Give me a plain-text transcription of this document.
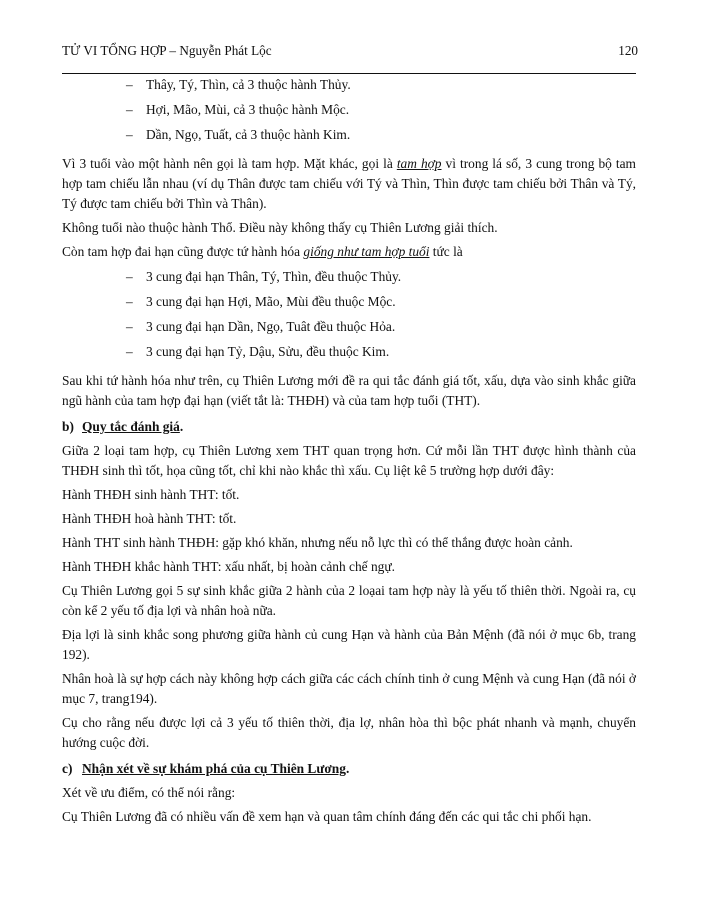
TỬ VI TỔNG HỢP – Nguyễn Phát Lộc	120
– Thây, Tý, Thìn, cả 3 thuộc hành Thủy.
– Hợi, Mão, Mùi, cả 3 thuộc hành Mộc.
– Dần, Ngọ, Tuất, cả 3 thuộc hành Kim.

Vì 3 tuổi vào một hành nên gọi là tam hợp. Mặt khác, gọi là tam hợp vì trong lá số, 3 cung trong bộ tam hợp tam chiếu lẫn nhau (ví dụ Thân được tam chiếu với Tý và Thìn, Thìn được tam chiếu bởi Thân và Tý, Tý được tam chiếu bởi Thìn và Thân).

Không tuổi nào thuộc hành Thổ. Điều này không thấy cụ Thiên Lương giải thích.

Còn tam hợp đai hạn cũng được tứ hành hóa giống như tam hợp tuổi tức là

– 3 cung đại hạn Thân, Tý, Thìn, đều thuộc Thủy.
– 3 cung đại hạn Hợi, Mão, Mùi đều thuộc Mộc.
– 3 cung đại hạn Dần, Ngọ, Tuât đều thuộc Hỏa.
– 3 cung đại hạn Tỷ, Dậu, Sửu, đều thuộc Kim.

Sau khi tứ hành hóa như trên, cụ Thiên Lương mới đề ra qui tắc đánh giá tốt, xấu, dựa vào sinh khắc giữa ngũ hành của tam hợp đại hạn (viết tắt là: THĐH) và của tam hợp tuổi (THT).

b) Quy tắc đánh giá.

Giữa 2 loại tam hợp, cụ Thiên Lương xem THT quan trọng hơn. Cứ mỗi lần THT được hình thành của THĐH sinh thì tốt, họa cũng tốt, chỉ khi nào khắc thì xấu. Cụ liệt kê 5 trường hợp dưới đây:

Hành THĐH sinh hành THT: tốt.

Hành THĐH hoà hành THT: tốt.

Hành THT sinh hành THĐH: gặp khó khăn, nhưng nếu nỗ lực thì có thể thắng được hoàn cảnh.

Hành THĐH khắc hành THT: xấu nhất, bị hoàn cảnh chế ngự.

Cụ Thiên Lương gọi 5 sự sinh khắc giữa 2 hành của 2 loạai tam hợp này là yếu tố thiên thời. Ngoài ra, cụ còn kể 2 yếu tố địa lợi và nhân hoà nữa.

Địa lợi là sinh khắc song phương giữa hành củ cung Hạn và hành của Bản Mệnh (đã nói ở mục 6b, trang 192).

Nhân hoà là sự hợp cách này không hợp cách giữa các cách chính tinh ở cung Mệnh và cung Hạn (đã nói ở mục 7, trang194).

Cụ cho rằng nếu được lợi cả 3 yếu tố thiên thời, địa lợ, nhân hòa thì bộc phát nhanh và mạnh, chuyển hướng cuộc đời.

c) Nhận xét về sự khám phá của cụ Thiên Lương.

Xét về ưu điểm, có thể nói rằng:

Cụ Thiên Lương đã có nhiều vấn đề xem hạn và quan tâm chính đáng đến các qui tắc chi phối hạn.
